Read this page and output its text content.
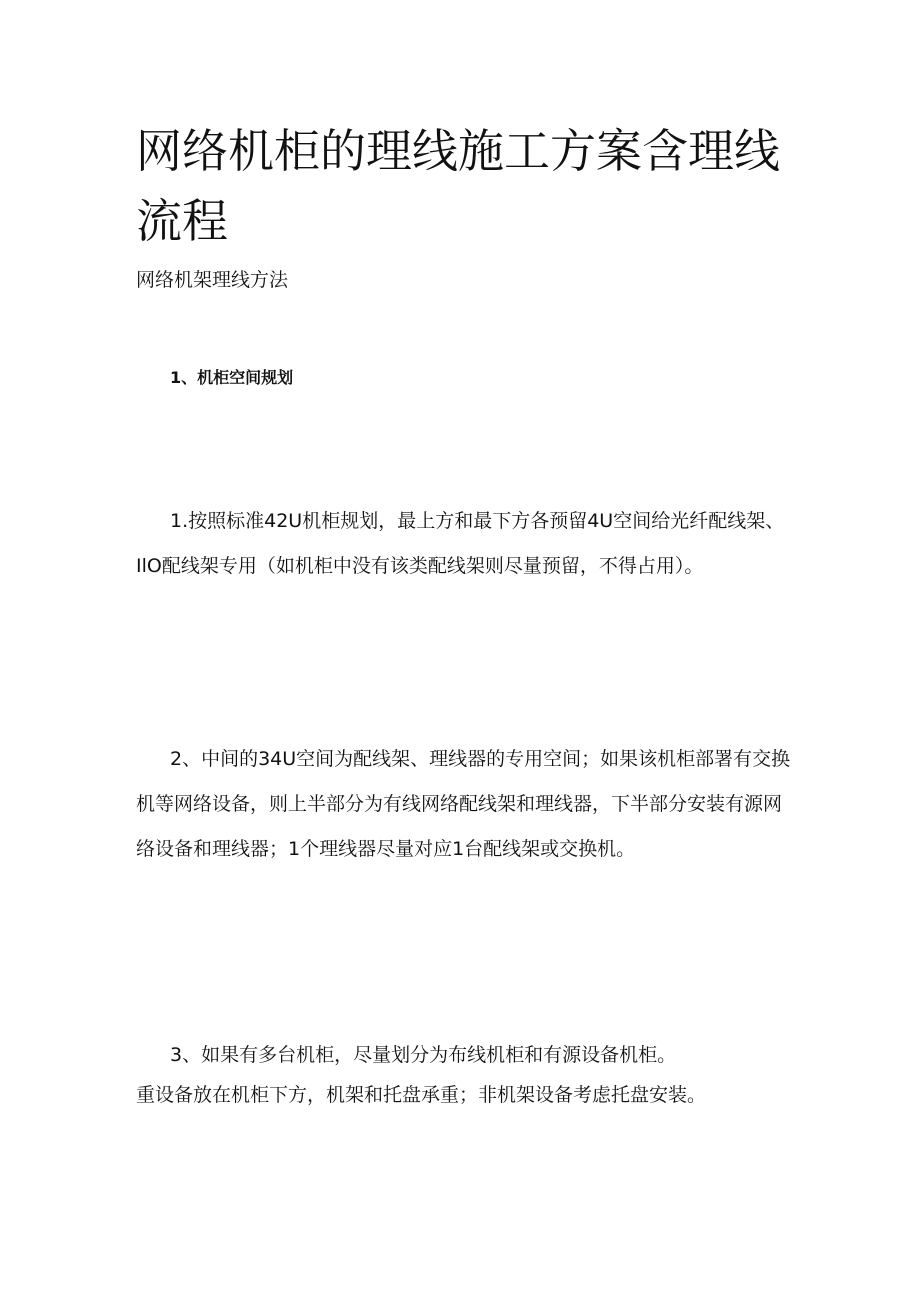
网络机柜的理线施工方案含理线流程

网络机架理线方法

1、机柜空间规划

1.按照标准42U机柜规划，最上方和最下方各预留4U空间给光纤配线架、IlO配线架专用（如机柜中没有该类配线架则尽量预留，不得占用）。

2、中间的34U空间为配线架、理线器的专用空间；如果该机柜部署有交换机等网络设备，则上半部分为有线网络配线架和理线器，下半部分安装有源网络设备和理线器；1个理线器尽量对应1台配线架或交换机。

3、如果有多台机柜，尽量划分为布线机柜和有源设备机柜。

重设备放在机柜下方，机架和托盘承重；非机架设备考虑托盘安装。
